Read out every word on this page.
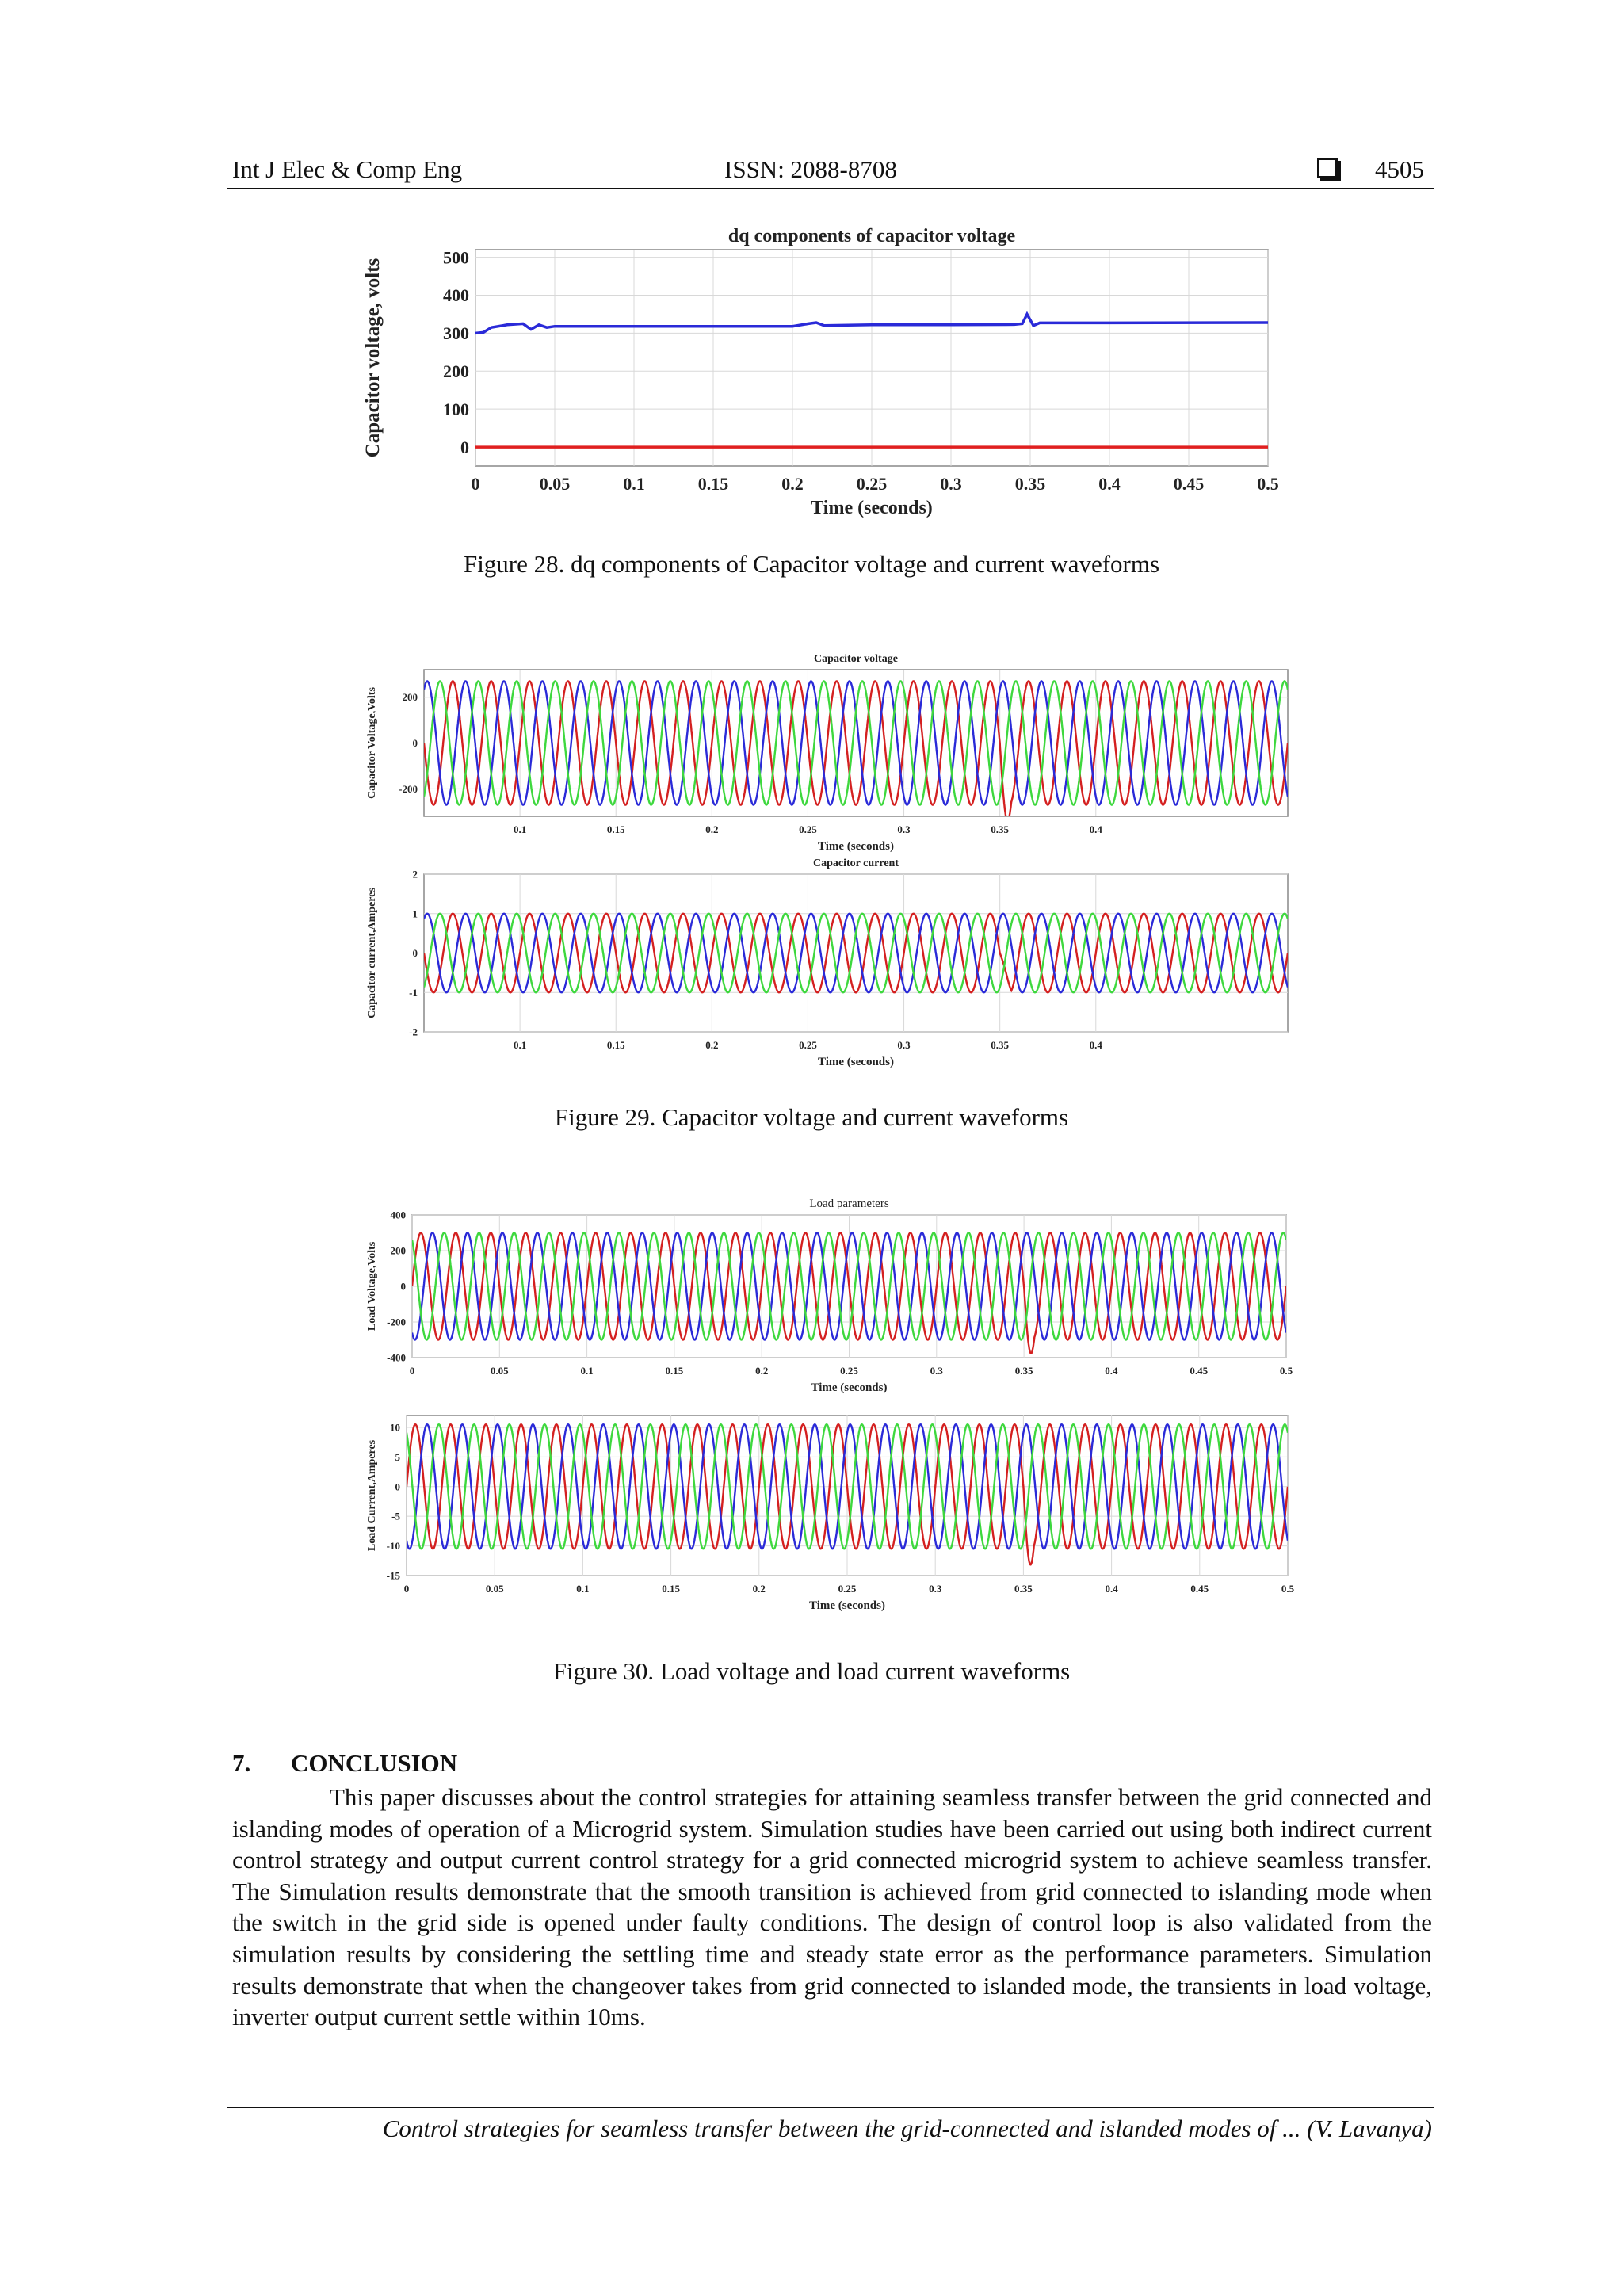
Int J Elec & Comp Eng	ISSN: 2088-8708	4505
0	0.05	0.1	0.15	0.2	0.25	0.3	0.35	0.4	0.45	0.5
0
100
200
300
400
500
dq components of capacitor voltage
Time (seconds)
Capacitor voltage, volts
Figure 28. dq components of Capacitor voltage and current waveforms
0.1	0.15	0.2	0.25	0.3	0.35	0.4
-200
0
200
Capacitor voltage
Time (seconds)
Capacitor Voltage,Volts
0.1	0.15	0.2	0.25	0.3	0.35	0.4
-2
-1
0
1
2
Capacitor current
Time (seconds)
Capacitor current,Amperes
Figure 29. Capacitor voltage and current waveforms
0	0.05	0.1	0.15	0.2	0.25	0.3	0.35	0.4	0.45	0.5
-400
-200
0
200
400
Load parameters
Time (seconds)
Load Voltage,Volts
0	0.05	0.1	0.15	0.2	0.25	0.3	0.35	0.4	0.45	0.5
-15
-10
-5
0
5
10
Time (seconds)
Load Current,Amperes
Figure 30. Load voltage and load current waveforms
7. CONCLUSION

This paper discusses about the control strategies for attaining seamless transfer between the grid connected and islanding modes of operation of a Microgrid system. Simulation studies have been carried out using both indirect current control strategy and output current control strategy for a grid connected microgrid system to achieve seamless transfer. The Simulation results demonstrate that the smooth transition is achieved from grid connected to islanding mode when the switch in the grid side is opened under faulty conditions. The design of control loop is also validated from the simulation results by considering the settling time and steady state error as the performance parameters. Simulation results demonstrate that when the changeover takes from grid connected to islanded mode, the transients in load voltage, inverter output current settle within 10ms.

Control strategies for seamless transfer between the grid-connected and islanded modes of ... (V. Lavanya)
